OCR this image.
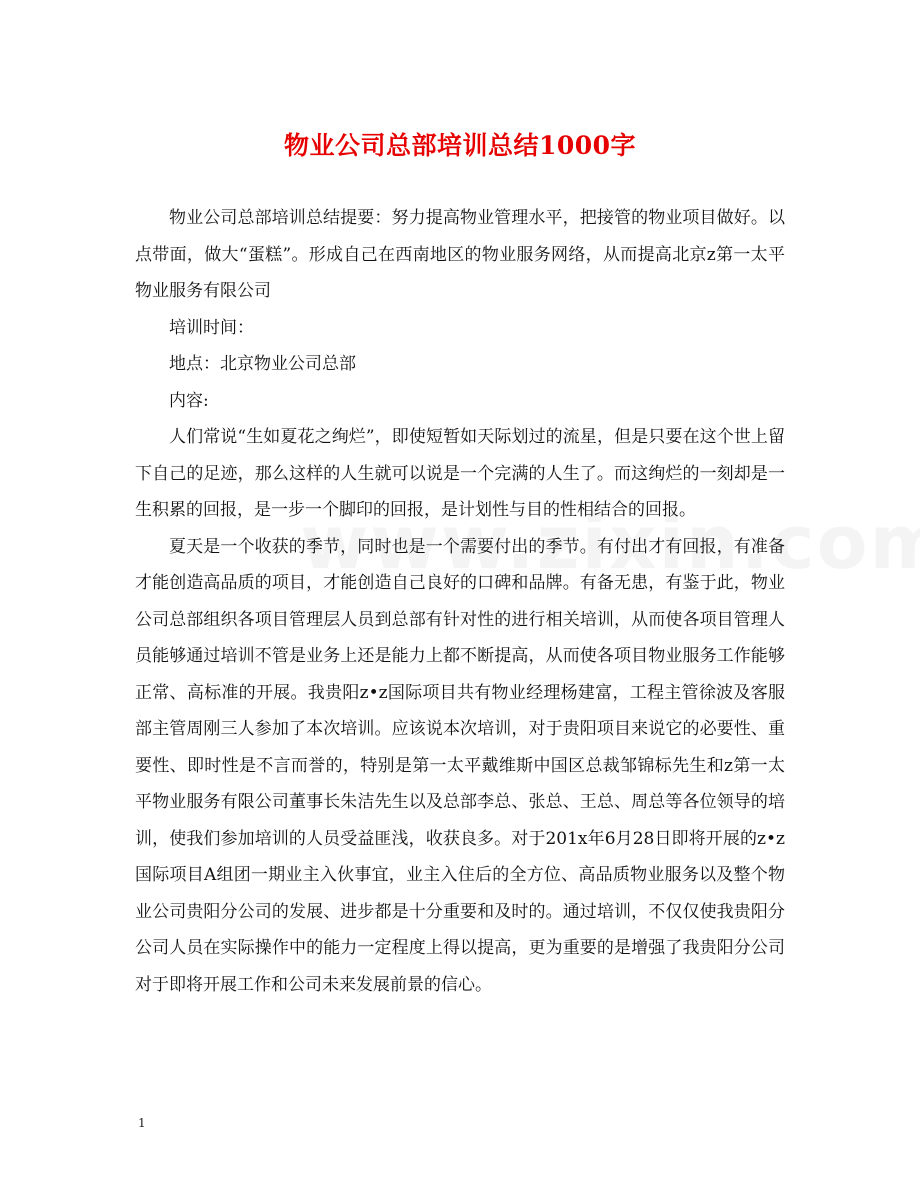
物业公司总部培训总结1000字

物业公司总部培训总结提要：努力提高物业管理水平，把接管的物业项目做好。以点带面，做大“蛋糕”。形成自己在西南地区的物业服务网络，从而提高北京z第一太平物业服务有限公司

培训时间：

地点：北京物业公司总部

内容:

人们常说“生如夏花之绚烂”，即使短暂如天际划过的流星，但是只要在这个世上留下自己的足迹，那么这样的人生就可以说是一个完满的人生了。而这绚烂的一刻却是一生积累的回报，是一步一个脚印的回报，是计划性与目的性相结合的回报。

夏天是一个收获的季节，同时也是一个需要付出的季节。有付出才有回报，有准备才能创造高品质的项目，才能创造自己良好的口碑和品牌。有备无患，有鉴于此，物业公司总部组织各项目管理层人员到总部有针对性的进行相关培训，从而使各项目管理人员能够通过培训不管是业务上还是能力上都不断提高，从而使各项目物业服务工作能够正常、高标准的开展。我贵阳z•z国际项目共有物业经理杨建富，工程主管徐波及客服部主管周刚三人参加了本次培训。应该说本次培训，对于贵阳项目来说它的必要性、重要性、即时性是不言而誉的，特别是第一太平戴维斯中国区总裁邹锦标先生和z第一太平物业服务有限公司董事长朱洁先生以及总部李总、张总、王总、周总等各位领导的培训，使我们参加培训的人员受益匪浅，收获良多。对于201x年6月28日即将开展的z•z国际项目A组团一期业主入伙事宜，业主入住后的全方位、高品质物业服务以及整个物业公司贵阳分公司的发展、进步都是十分重要和及时的。通过培训，不仅仅使我贵阳分公司人员在实际操作中的能力一定程度上得以提高，更为重要的是增强了我贵阳分公司对于即将开展工作和公司未来发展前景的信心。

1
